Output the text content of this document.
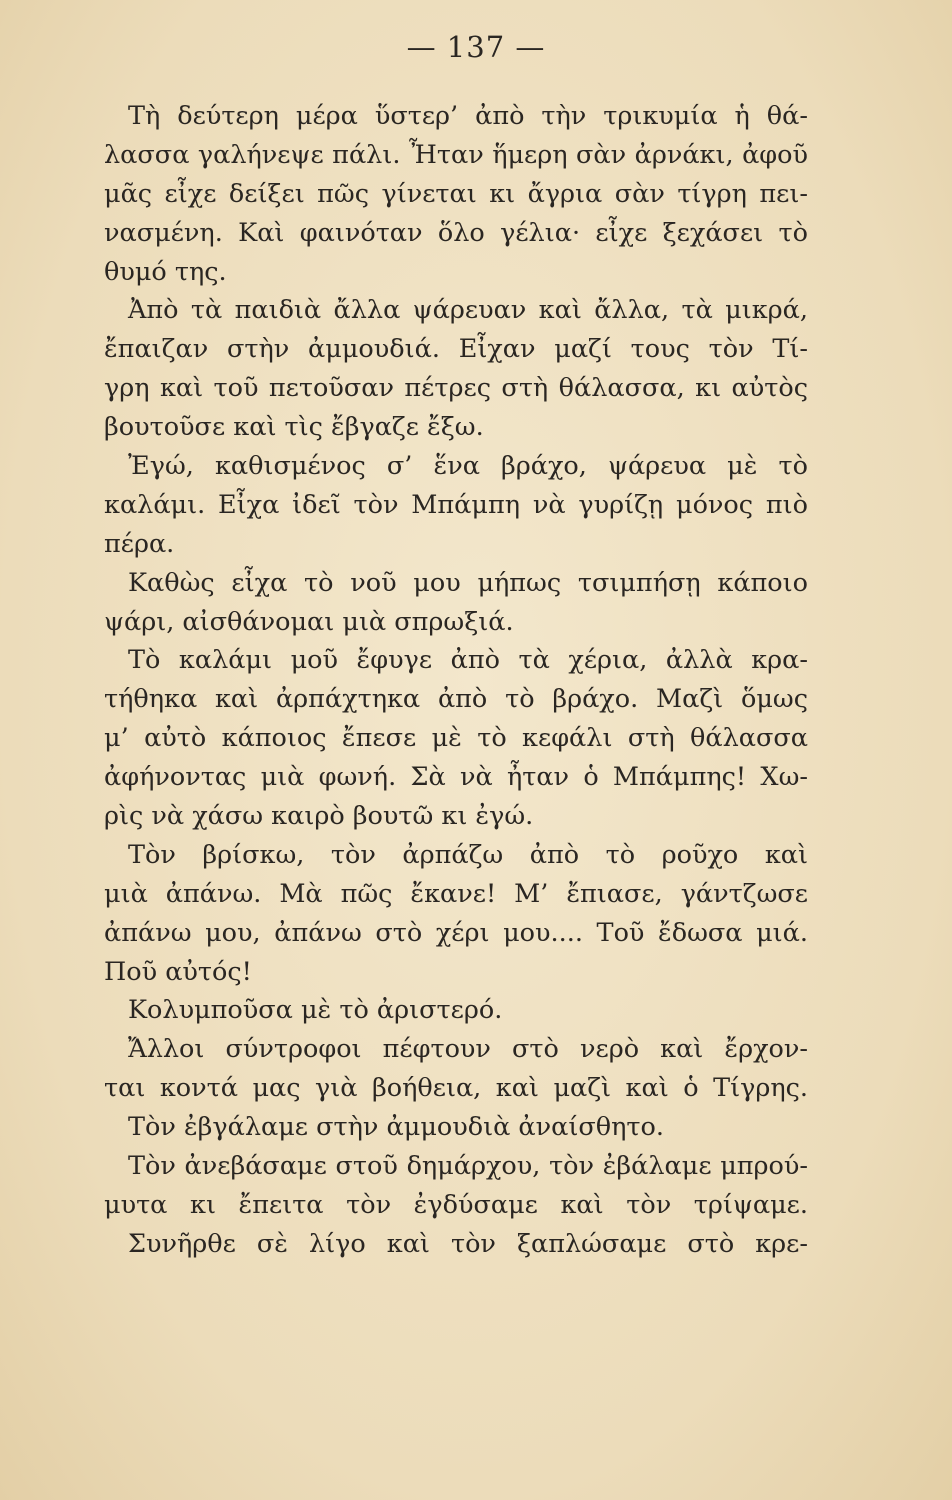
— 137 —
Τὴ δεύτερη μέρα ὕστερ’ ἀπὸ τὴν τρικυμία ἡ θά-
λασσα γαλήνεψε πάλι. Ἦταν ἥμερη σὰν ἀρνάκι, ἀφοῦ
μᾶς εἶχε δείξει πῶς γίνεται κι ἄγρια σὰν τίγρη πει-
νασμένη. Καὶ φαινόταν ὅλο γέλια· εἶχε ξεχάσει τὸ
θυμό της.
Ἀπὸ τὰ παιδιὰ ἄλλα ψάρευαν καὶ ἄλλα, τὰ μικρά,
ἔπαιζαν στὴν ἀμμουδιά. Εἶχαν μαζί τους τὸν Τί-
γρη καὶ τοῦ πετοῦσαν πέτρες στὴ θάλασσα, κι αὐτὸς
βουτοῦσε καὶ τὶς ἔβγαζε ἔξω.
Ἐγώ, καθισμένος σ’ ἕνα βράχο, ψάρευα μὲ τὸ
καλάμι. Εἶχα ἰδεῖ τὸν Μπάμπη νὰ γυρίζῃ μόνος πιὸ
πέρα.
Καθὼς εἶχα τὸ νοῦ μου μήπως τσιμπήσῃ κάποιο
ψάρι, αἰσθάνομαι μιὰ σπρωξιά.
Τὸ καλάμι μοῦ ἔφυγε ἀπὸ τὰ χέρια, ἀλλὰ κρα-
τήθηκα καὶ ἀρπάχτηκα ἀπὸ τὸ βράχο. Μαζὶ ὅμως
μ’ αὐτὸ κάποιος ἔπεσε μὲ τὸ κεφάλι στὴ θάλασσα
ἀφήνοντας μιὰ φωνή. Σὰ νὰ ἦταν ὁ Μπάμπης! Χω-
ρὶς νὰ χάσω καιρὸ βουτῶ κι ἐγώ.
Τὸν βρίσκω, τὸν ἀρπάζω ἀπὸ τὸ ροῦχο καὶ
μιὰ ἀπάνω. Μὰ πῶς ἔκανε! Μ’ ἔπιασε, γάντζωσε
ἀπάνω μου, ἀπάνω στὸ χέρι μου.... Τοῦ ἔδωσα μιά.
Ποῦ αὐτός!
Κολυμποῦσα μὲ τὸ ἀριστερό.
Ἄλλοι σύντροφοι πέφτουν στὸ νερὸ καὶ ἔρχον-
ται κοντά μας γιὰ βοήθεια, καὶ μαζὶ καὶ ὁ Τίγρης.
Τὸν ἐβγάλαμε στὴν ἀμμουδιὰ ἀναίσθητο.
Τὸν ἀνεβάσαμε στοῦ δημάρχου, τὸν ἐβάλαμε μπρού-
μυτα κι ἔπειτα τὸν ἐγδύσαμε καὶ τὸν τρίψαμε.
Συνῆρθε σὲ λίγο καὶ τὸν ξαπλώσαμε στὸ κρε-
